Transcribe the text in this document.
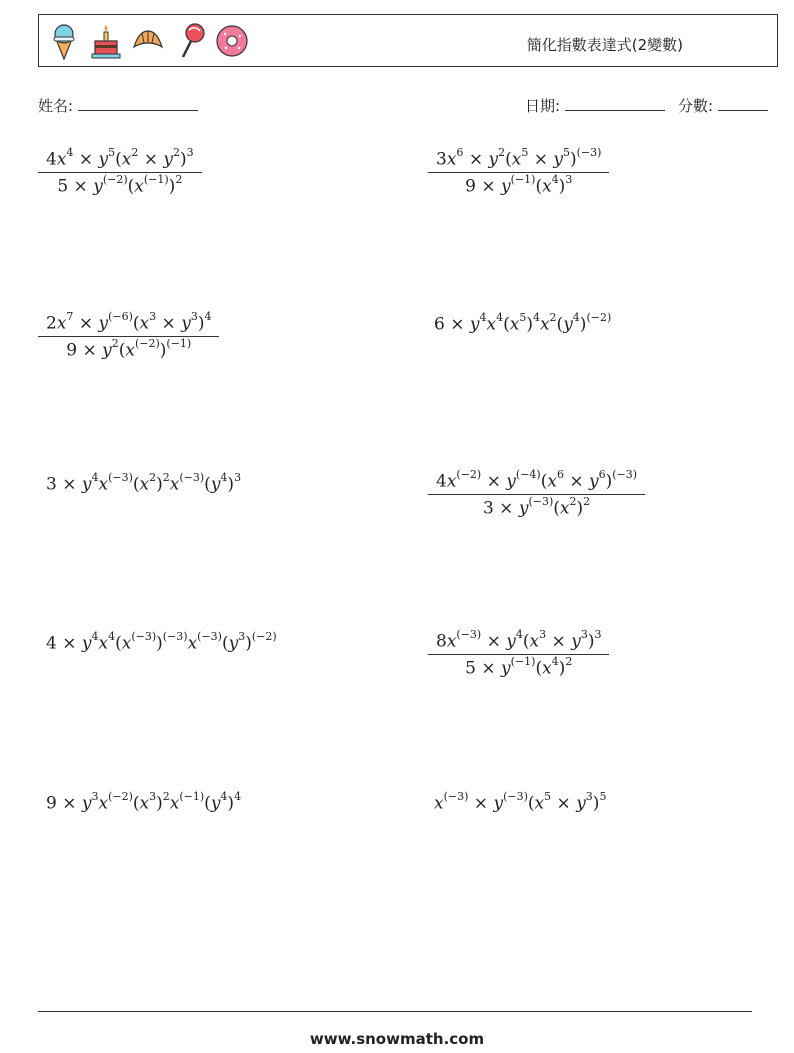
簡化指數表達式(2變數)
姓名:	日期:	分數:
$\frac{4x^4 \times y^5(x^2 \times y^2)^3}{5 \times y^{(-2)}(x^{(-1)})^2}$	$\frac{3x^6 \times y^2(x^5 \times y^5)^{(-3)}}{9 \times y^{(-1)}(x^4)^3}$
$\frac{2x^7 \times y^{(-6)}(x^3 \times y^3)^4}{9 \times y^2(x^{(-2)})^{(-1)}}$	$6 \times y^4x^4(x^5)^4x^2(y^4)^{(-2)}$
$3 \times y^4x^{(-3)}(x^2)^2x^{(-3)}(y^4)^3$	$\frac{4x^{(-2)} \times y^{(-4)}(x^6 \times y^6)^{(-3)}}{3 \times y^{(-3)}(x^2)^2}$
$4 \times y^4x^4(x^{(-3)})^{(-3)}x^{(-3)}(y^3)^{(-2)}$	$\frac{8x^{(-3)} \times y^4(x^3 \times y^3)^3}{5 \times y^{(-1)}(x^4)^2}$
$9 \times y^3x^{(-2)}(x^3)^2x^{(-1)}(y^4)^4$	$x^{(-3)} \times y^{(-3)}(x^5 \times y^3)^5$
www.snowmath.com
